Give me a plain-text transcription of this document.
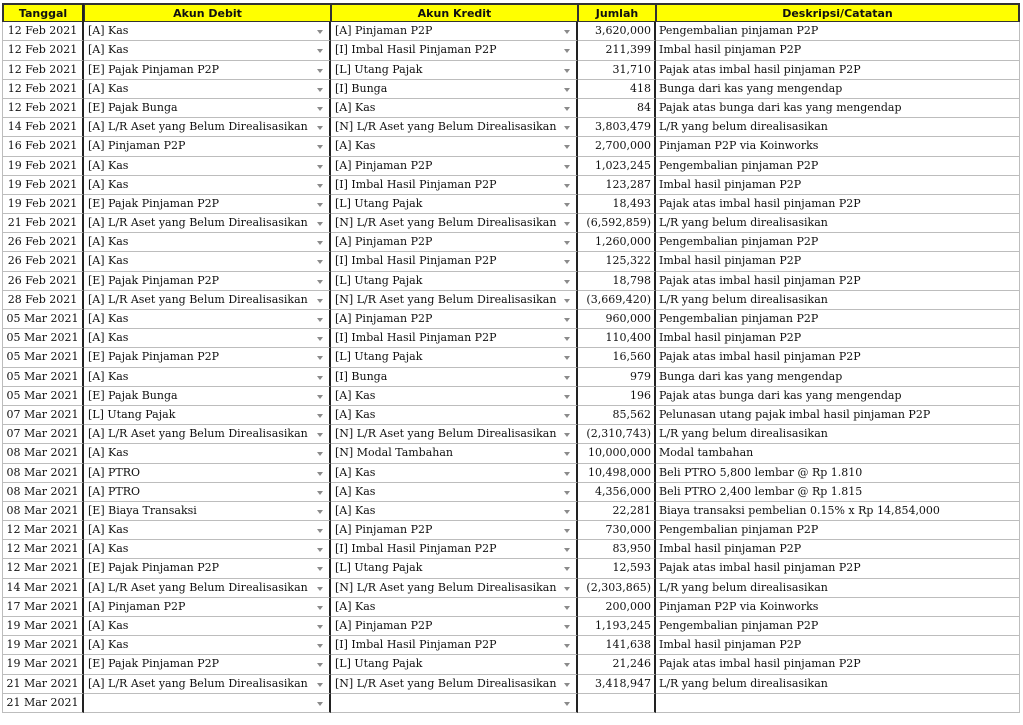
Tanggal	Akun Debit	Akun Kredit	Jumlah	Deskripsi/Catatan
12 Feb 2021 [A] Kas	[A] Pinjaman P2P	3,620,000 Pengembalian pinjaman P2P
12 Feb 2021 [A] Kas	[I] Imbal Hasil Pinjaman P2P	211,399 Imbal hasil pinjaman P2P
12 Feb 2021 [E] Pajak Pinjaman P2P	[L] Utang Pajak	31,710 Pajak atas imbal hasil pinjaman P2P
12 Feb 2021 [A] Kas	[I] Bunga	418 Bunga dari kas yang mengendap
12 Feb 2021 [E] Pajak Bunga	[A] Kas	84 Pajak atas bunga dari kas yang mengendap
14 Feb 2021 [A] L/R Aset yang Belum Direalisasikan	[N] L/R Aset yang Belum Direalisasikan	3,803,479 L/R yang belum direalisasikan
16 Feb 2021 [A] Pinjaman P2P	[A] Kas	2,700,000 Pinjaman P2P via Koinworks
19 Feb 2021 [A] Kas	[A] Pinjaman P2P	1,023,245 Pengembalian pinjaman P2P
19 Feb 2021 [A] Kas	[I] Imbal Hasil Pinjaman P2P	123,287 Imbal hasil pinjaman P2P
19 Feb 2021 [E] Pajak Pinjaman P2P	[L] Utang Pajak	18,493 Pajak atas imbal hasil pinjaman P2P
21 Feb 2021 [A] L/R Aset yang Belum Direalisasikan	[N] L/R Aset yang Belum Direalisasikan	(6,592,859) L/R yang belum direalisasikan
26 Feb 2021 [A] Kas	[A] Pinjaman P2P	1,260,000 Pengembalian pinjaman P2P
26 Feb 2021 [A] Kas	[I] Imbal Hasil Pinjaman P2P	125,322 Imbal hasil pinjaman P2P
26 Feb 2021 [E] Pajak Pinjaman P2P	[L] Utang Pajak	18,798 Pajak atas imbal hasil pinjaman P2P
28 Feb 2021 [A] L/R Aset yang Belum Direalisasikan	[N] L/R Aset yang Belum Direalisasikan	(3,669,420) L/R yang belum direalisasikan
05 Mar 2021 [A] Kas	[A] Pinjaman P2P	960,000 Pengembalian pinjaman P2P
05 Mar 2021 [A] Kas	[I] Imbal Hasil Pinjaman P2P	110,400 Imbal hasil pinjaman P2P
05 Mar 2021 [E] Pajak Pinjaman P2P	[L] Utang Pajak	16,560 Pajak atas imbal hasil pinjaman P2P
05 Mar 2021 [A] Kas	[I] Bunga	979 Bunga dari kas yang mengendap
05 Mar 2021 [E] Pajak Bunga	[A] Kas	196 Pajak atas bunga dari kas yang mengendap
07 Mar 2021 [L] Utang Pajak	[A] Kas	85,562 Pelunasan utang pajak imbal hasil pinjaman P2P
07 Mar 2021 [A] L/R Aset yang Belum Direalisasikan	[N] L/R Aset yang Belum Direalisasikan	(2,310,743) L/R yang belum direalisasikan
08 Mar 2021 [A] Kas	[N] Modal Tambahan	10,000,000 Modal tambahan
08 Mar 2021 [A] PTRO	[A] Kas	10,498,000 Beli PTRO 5,800 lembar @ Rp 1.810
08 Mar 2021 [A] PTRO	[A] Kas	4,356,000 Beli PTRO 2,400 lembar @ Rp 1.815
08 Mar 2021 [E] Biaya Transaksi	[A] Kas	22,281 Biaya transaksi pembelian 0.15% x Rp 14,854,000
12 Mar 2021 [A] Kas	[A] Pinjaman P2P	730,000 Pengembalian pinjaman P2P
12 Mar 2021 [A] Kas	[I] Imbal Hasil Pinjaman P2P	83,950 Imbal hasil pinjaman P2P
12 Mar 2021 [E] Pajak Pinjaman P2P	[L] Utang Pajak	12,593 Pajak atas imbal hasil pinjaman P2P
14 Mar 2021 [A] L/R Aset yang Belum Direalisasikan	[N] L/R Aset yang Belum Direalisasikan	(2,303,865) L/R yang belum direalisasikan
17 Mar 2021 [A] Pinjaman P2P	[A] Kas	200,000 Pinjaman P2P via Koinworks
19 Mar 2021 [A] Kas	[A] Pinjaman P2P	1,193,245 Pengembalian pinjaman P2P
19 Mar 2021 [A] Kas	[I] Imbal Hasil Pinjaman P2P	141,638 Imbal hasil pinjaman P2P
19 Mar 2021 [E] Pajak Pinjaman P2P	[L] Utang Pajak	21,246 Pajak atas imbal hasil pinjaman P2P
21 Mar 2021 [A] L/R Aset yang Belum Direalisasikan	[N] L/R Aset yang Belum Direalisasikan	3,418,947 L/R yang belum direalisasikan
21 Mar 2021
